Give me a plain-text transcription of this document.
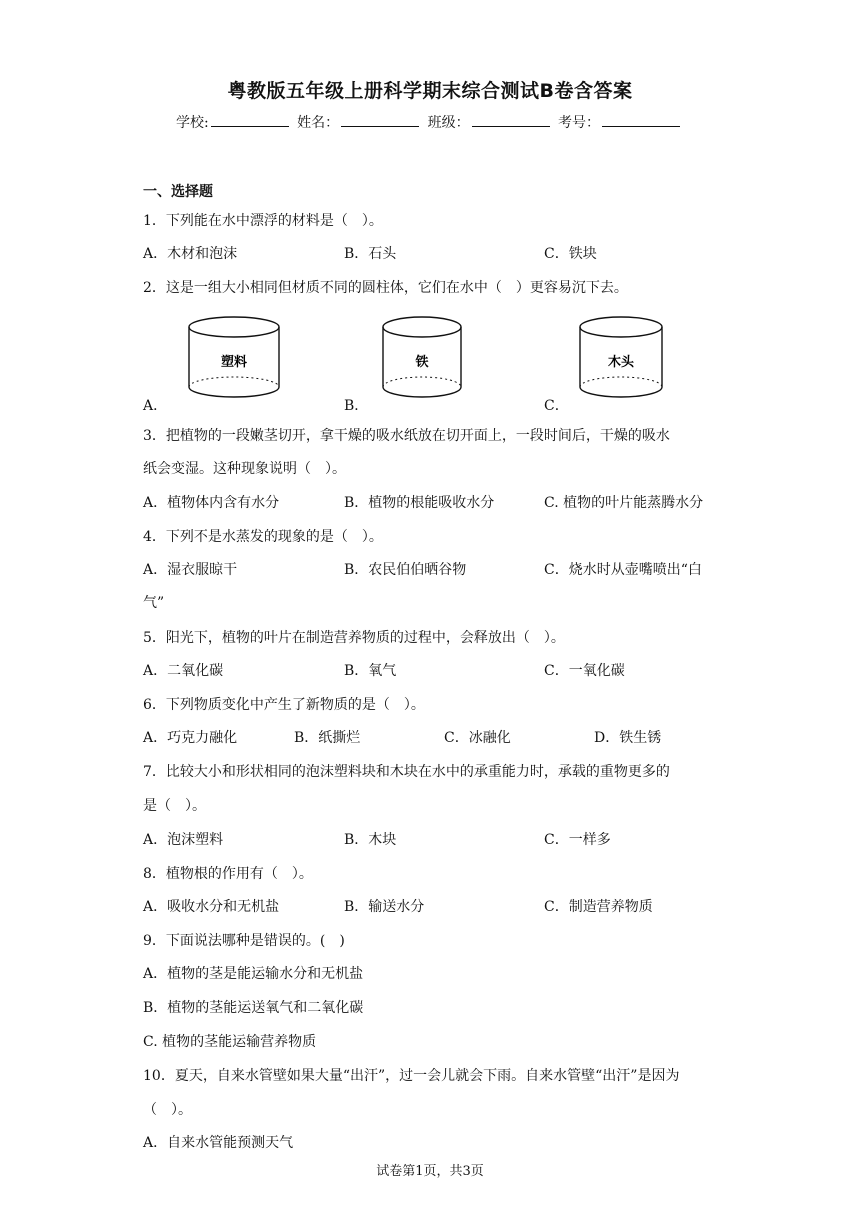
粤教版五年级上册科学期末综合测试B卷含答案
学校:	姓名：	班级：	考号：
一、选择题
1．下列能在水中漂浮的材料是（　）。
A．木材和泡沫	B．石头	C．铁块
2．这是一组大小相同但材质不同的圆柱体，它们在水中（　）更容易沉下去。
塑料	铁	木头
A．	B．	C．
3．把植物的一段嫩茎切开，拿干燥的吸水纸放在切开面上，一段时间后，干燥的吸水
纸会变湿。这种现象说明（　）。
A．植物体内含有水分	B．植物的根能吸收水分	C. 植物的叶片能蒸腾水分
4．下列不是水蒸发的现象的是（　）。
A．湿衣服晾干	B．农民伯伯晒谷物	C．烧水时从壶嘴喷出“白
气”
5．阳光下，植物的叶片在制造营养物质的过程中，会释放出（　）。
A．二氧化碳	B．氧气	C．一氧化碳
6．下列物质变化中产生了新物质的是（　）。
A．巧克力融化	B．纸撕烂	C．冰融化	D．铁生锈
7．比较大小和形状相同的泡沫塑料块和木块在水中的承重能力时，承载的重物更多的
是（　）。
A．泡沫塑料	B．木块	C．一样多
8．植物根的作用有（　）。
A．吸收水分和无机盐	B．输送水分	C．制造营养物质
9．下面说法哪种是错误的。(　)
A．植物的茎是能运输水分和无机盐
B．植物的茎能运送氧气和二氧化碳
C. 植物的茎能运输营养物质
10．夏天，自来水管壁如果大量“出汗”，过一会儿就会下雨。自来水管壁“出汗”是因为
（　）。
A．自来水管能预测天气
试卷第1页，共3页
